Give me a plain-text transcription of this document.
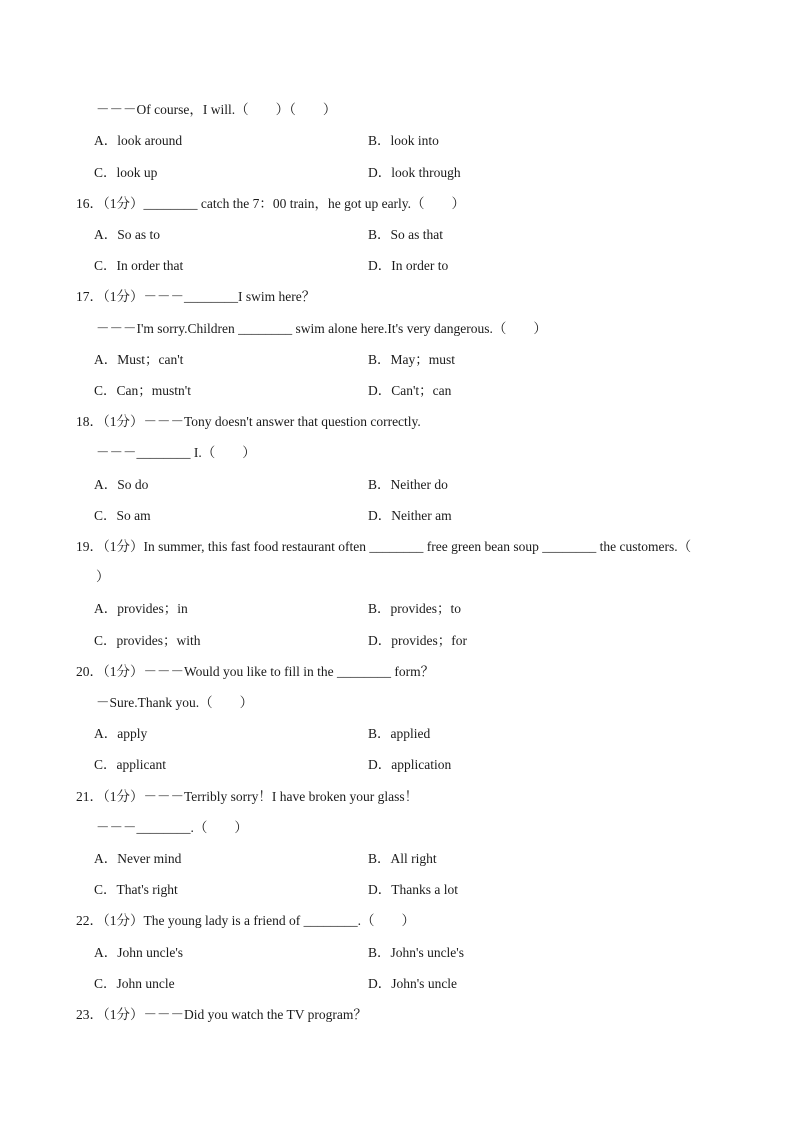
－－－Of course，I will.（　　）（　　）
A．look around	B．look into
C．look up	D．look through
16．（1分）________ catch the 7：00 train，he got up early.（　　）
A．So as to	B．So as that
C．In order that	D．In order to
17．（1分）－－－________I swim here？
－－－I'm sorry.Children ________ swim alone here.It's very dangerous.（　　）
A．Must；can't	B．May；must
C．Can；mustn't	D．Can't；can
18．（1分）－－－Tony doesn't answer that question correctly.
－－－________ I.（　　）
A．So do	B．Neither do
C．So am	D．Neither am
19．（1分）In summer, this fast food restaurant often ________ free green bean soup ________ the customers.（
）
A．provides；in	B．provides；to
C．provides；with	D．provides；for
20．（1分）－－－Would you like to fill in the ________ form？
－Sure.Thank you.（　　）
A．apply	B．applied
C．applicant	D．application
21．（1分）－－－Terribly sorry！I have broken your glass！
－－－________.（　　）
A．Never mind	B．All right
C．That's right	D．Thanks a lot
22．（1分）The young lady is a friend of ________.（　　）
A．John uncle's	B．John's uncle's
C．John uncle	D．John's uncle
23．（1分）－－－Did you watch the TV program？
